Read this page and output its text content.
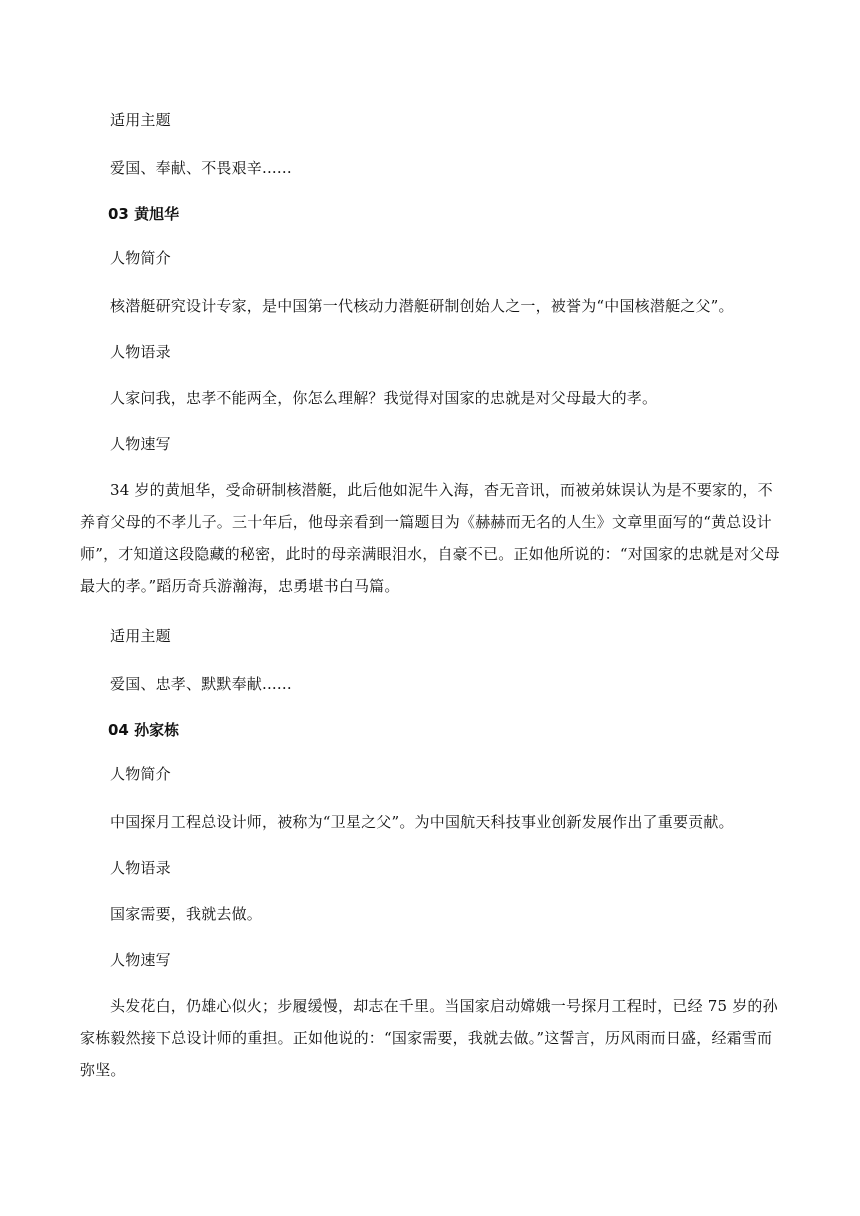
适用主题

爱国、奉献、不畏艰辛......

03 黄旭华

人物简介

核潜艇研究设计专家，是中国第一代核动力潜艇研制创始人之一，被誉为“中国核潜艇之父”。

人物语录

人家问我，忠孝不能两全，你怎么理解？我觉得对国家的忠就是对父母最大的孝。

人物速写

34 岁的黄旭华，受命研制核潜艇，此后他如泥牛入海，杳无音讯，而被弟妹误认为是不要家的，不养育父母的不孝儿子。三十年后，他母亲看到一篇题目为《赫赫而无名的人生》文章里面写的“黄总设计师”，才知道这段隐藏的秘密，此时的母亲满眼泪水，自豪不已。正如他所说的：“对国家的忠就是对父母最大的孝。”蹈历奇兵游瀚海，忠勇堪书白马篇。

适用主题

爱国、忠孝、默默奉献......

04 孙家栋

人物简介

中国探月工程总设计师，被称为“卫星之父”。为中国航天科技事业创新发展作出了重要贡献。

人物语录

国家需要，我就去做。

人物速写

头发花白，仍雄心似火；步履缓慢，却志在千里。当国家启动嫦娥一号探月工程时，已经 75 岁的孙家栋毅然接下总设计师的重担。正如他说的：“国家需要，我就去做。”这誓言，历风雨而日盛，经霜雪而弥坚。
